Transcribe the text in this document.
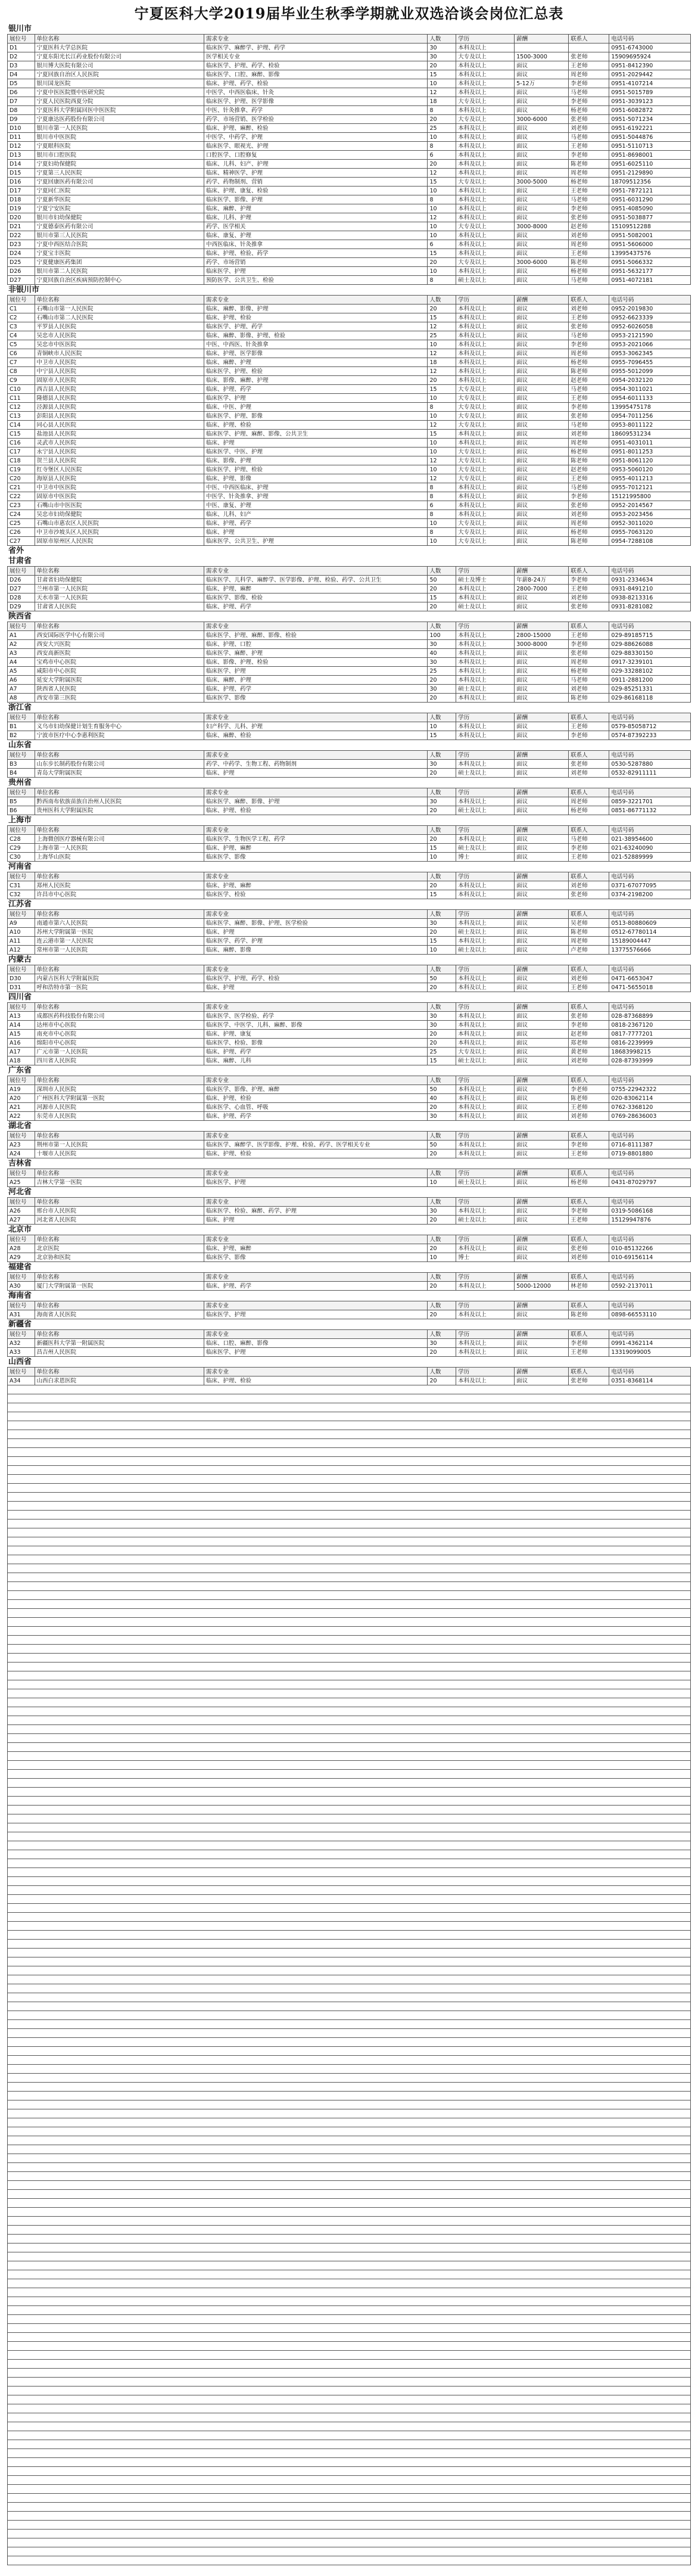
宁夏医科大学2019届毕业生秋季学期就业双选洽谈会岗位汇总表
银川市
展位号	单位名称	需求专业	人数	学历	薪酬	联系人	电话号码
D1	宁夏医科大学总医院	临床医学、麻醉学、护理、药学	30	本科及以上			0951-6743000
D2	宁夏东阳光长江药业股份有限公司	医学相关专业	30	大专及以上	1500-3000	张老师	15909695924
D3	银川博大医院有限公司	临床医学、护理、药学、检验	20	本科及以上	面议	王老师	0951-8412390
D4	宁夏回族自治区人民医院	临床医学、口腔、麻醉、影像	15	本科及以上	面议	周老师	0951-2029442
D5	银川国龙医院	临床、护理、药学、检验	10	本科及以上	5-12万	李老师	0951-4107214
D6	宁夏中医医院暨中医研究院	中医学、中西医临床、针灸	12	本科及以上	面议	马老师	0951-5015789
D7	宁夏人民医院西夏分院	临床医学、护理、医学影像	18	大专及以上	面议	李老师	0951-3039123
D8	宁夏医科大学附属回医中医医院	中医、针灸推拿、药学	8	本科及以上	面议	杨老师	0951-6082872
D9	宁夏康达医药股份有限公司	药学、市场营销、医学检验	20	大专及以上	3000-6000	张老师	0951-5071234
D10	银川市第一人民医院	临床、护理、麻醉、检验	25	本科及以上	面议	刘老师	0951-6192221
D11	银川市中医医院	中医学、中药学、护理	10	本科及以上	面议	马老师	0951-5044876
D12	宁夏眼科医院	临床医学、眼视光、护理	8	本科及以上	面议	王老师	0951-5110713
D13	银川市口腔医院	口腔医学、口腔修复	6	本科及以上	面议	李老师	0951-8698001
D14	宁夏妇幼保健院	临床、儿科、妇产、护理	20	本科及以上	面议	陈老师	0951-6025110
D15	宁夏第三人民医院	临床、精神医学、护理	12	本科及以上	面议	周老师	0951-2129890
D16	宁夏回康医药有限公司	药学、药物制剂、营销	15	大专及以上	3000-5000	杨老师	18709512356
D17	宁夏同仁医院	临床、护理、康复、检验	10	本科及以上	面议	王老师	0951-7872121
D18	宁夏新华医院	临床医学、影像、护理	8	本科及以上	面议	马老师	0951-6031290
D19	宁夏宁安医院	临床、麻醉、护理	10	本科及以上	面议	李老师	0951-4085090
D20	银川市妇幼保健院	临床、儿科、护理	12	本科及以上	面议	张老师	0951-5038877
D21	宁夏德泰医药有限公司	药学、医学相关	10	大专及以上	3000-8000	赵老师	15109512288
D22	银川市第三人民医院	临床、康复、护理	10	本科及以上	面议	刘老师	0951-5082001
D23	宁夏中西医结合医院	中西医临床、针灸推拿	6	本科及以上	面议	周老师	0951-5606000
D24	宁夏宝丰医院	临床、护理、检验、药学	15	本科及以上	面议	王老师	13995437576
D25	宁夏健康医药集团	药学、市场营销	20	大专及以上	3000-6000	陈老师	0951-5066332
D26	银川市第二人民医院	临床医学、护理	10	本科及以上	面议	杨老师	0951-5632177
D27	宁夏回族自治区疾病预防控制中心	预防医学、公共卫生、检验	8	硕士及以上	面议	马老师	0951-4072181
非银川市
展位号	单位名称	需求专业	人数	学历	薪酬	联系人	电话号码
C1	石嘴山市第一人民医院	临床、麻醉、影像、护理	20	本科及以上	面议	刘老师	0952-2019830
C2	石嘴山市第二人民医院	临床、护理、检验	15	本科及以上	面议	王老师	0952-6623339
C3	平罗县人民医院	临床医学、护理、药学	12	本科及以上	面议	张老师	0952-6026058
C4	吴忠市人民医院	临床、麻醉、影像、护理、检验	25	本科及以上	面议	马老师	0953-2121590
C5	吴忠市中医医院	中医、中西医、针灸推拿	10	本科及以上	面议	李老师	0953-2021066
C6	青铜峡市人民医院	临床、护理、医学影像	12	本科及以上	面议	周老师	0953-3062345
C7	中卫市人民医院	临床、麻醉、护理	18	本科及以上	面议	杨老师	0955-7096455
C8	中宁县人民医院	临床医学、护理、检验	12	本科及以上	面议	陈老师	0955-5012099
C9	固原市人民医院	临床、影像、麻醉、护理	20	本科及以上	面议	赵老师	0954-2032120
C10	西吉县人民医院	临床、护理、药学	15	大专及以上	面议	马老师	0954-3011021
C11	隆德县人民医院	临床医学、护理	10	大专及以上	面议	王老师	0954-6011133
C12	泾源县人民医院	临床、中医、护理	8	大专及以上	面议	李老师	13995475178
C13	彭阳县人民医院	临床医学、护理、影像	10	大专及以上	面议	张老师	0954-7011256
C14	同心县人民医院	临床、护理、检验	12	大专及以上	面议	马老师	0953-8011122
C15	盐池县人民医院	临床医学、护理、麻醉、影像、公共卫生	15	本科及以上	面议	刘老师	18609531234
C16	灵武市人民医院	临床、护理	10	本科及以上	面议	周老师	0951-4031011
C17	永宁县人民医院	临床医学、中医、护理	10	大专及以上	面议	杨老师	0951-8011253
C18	贺兰县人民医院	临床、影像、护理	12	大专及以上	面议	陈老师	0951-8061120
C19	红寺堡区人民医院	临床医学、护理、检验	10	大专及以上	面议	赵老师	0953-5060120
C20	海原县人民医院	临床、护理、影像	12	大专及以上	面议	王老师	0955-4011213
C21	中卫市中医医院	中医、中西医临床、护理	8	本科及以上	面议	马老师	0955-7012121
C22	固原市中医医院	中医学、针灸推拿、护理	8	本科及以上	面议	李老师	15121995800
C23	石嘴山市中医医院	中医、康复、护理	6	本科及以上	面议	张老师	0952-2014567
C24	吴忠市妇幼保健院	临床、儿科、妇产	8	本科及以上	面议	刘老师	0953-2023456
C25	石嘴山市惠农区人民医院	临床、护理、药学	10	大专及以上	面议	周老师	0952-3011020
C26	中卫市沙坡头区人民医院	临床、护理	8	大专及以上	面议	杨老师	0955-7063120
C27	固原市原州区人民医院	临床医学、公共卫生、护理	10	大专及以上	面议	陈老师	0954-7288108
省外
甘肃省
展位号	单位名称	需求专业	人数	学历	薪酬	联系人	电话号码
D26	甘肃省妇幼保健院	临床医学、儿科学、麻醉学、医学影像、护理、检验、药学、公共卫生	50	硕士及博士	年薪8-24万	李老师	0931-2334634
D27	兰州市第一人民医院	临床、护理、麻醉	20	本科及以上	2800-7000	王老师	0931-8491210
D28	天水市第一人民医院	临床医学、影像、检验	15	本科及以上	面议	刘老师	0938-8213316
D29	甘肃省人民医院	临床、护理、药学	20	硕士及以上	面议	张老师	0931-8281082
陕西省
展位号	单位名称	需求专业	人数	学历	薪酬	联系人	电话号码
A1	西安国际医学中心有限公司	临床医学、护理、麻醉、影像、检验	100	本科及以上	2800-15000	王老师	029-89185715
A2	西安大兴医院	临床、护理、口腔	30	本科及以上	3000-8000	李老师	029-88626088
A3	西安高新医院	临床医学、麻醉、护理	40	本科及以上	面议	张老师	029-88330150
A4	宝鸡市中心医院	临床、影像、护理、检验	30	本科及以上	面议	周老师	0917-3239101
A5	咸阳市中心医院	临床医学、护理	25	本科及以上	面议	杨老师	029-33288102
A6	延安大学附属医院	临床、麻醉、护理	20	本科及以上	面议	马老师	0911-2881200
A7	陕西省人民医院	临床、护理、药学	30	硕士及以上	面议	刘老师	029-85251331
A8	西安市第三医院	临床医学、影像	20	本科及以上	面议	陈老师	029-86168118
浙江省
展位号	单位名称	需求专业	人数	学历	薪酬	联系人	电话号码
B1	义乌市妇幼保健计划生育服务中心	妇产科学、儿科、护理	10	本科及以上	面议	王老师	0579-85058712
B2	宁波市医疗中心李惠利医院	临床、麻醉、检验	15	本科及以上	面议	李老师	0574-87392233
山东省
展位号	单位名称	需求专业	人数	学历	薪酬	联系人	电话号码
B3	山东步长制药股份有限公司	药学、中药学、生物工程、药物制剂	30	本科及以上	面议	张老师	0530-5287880
B4	青岛大学附属医院	临床、护理	20	硕士及以上	面议	刘老师	0532-82911111
贵州省
展位号	单位名称	需求专业	人数	学历	薪酬	联系人	电话号码
B5	黔西南布依族苗族自治州人民医院	临床医学、麻醉、影像、护理	30	本科及以上	面议	周老师	0859-3221701
B6	贵州医科大学附属医院	临床、护理、检验	20	硕士及以上	面议	杨老师	0851-86771132
上海市
展位号	单位名称	需求专业	人数	学历	薪酬	联系人	电话号码
C28	上海微创医疗器械有限公司	临床医学、生物医学工程、药学	20	本科及以上	面议	马老师	021-38954600
C29	上海市第一人民医院	临床、护理、麻醉	15	硕士及以上	面议	李老师	021-63240090
C30	上海华山医院	临床医学、影像	10	博士	面议	王老师	021-52889999
河南省
展位号	单位名称	需求专业	人数	学历	薪酬	联系人	电话号码
C31	郑州人民医院	临床、护理、麻醉	20	本科及以上	面议	刘老师	0371-67077095
C32	许昌市中心医院	临床医学、检验	15	本科及以上	面议	张老师	0374-2198200
江苏省
展位号	单位名称	需求专业	人数	学历	薪酬	联系人	电话号码
A9	南通市第六人民医院	临床医学、麻醉、影像、护理、医学检验	30	本科及以上	面议	吴老师	0513-80880609
A10	苏州大学附属第一医院	临床、护理	20	硕士及以上	面议	陈老师	0512-67780114
A11	连云港市第一人民医院	临床医学、药学、护理	15	本科及以上	面议	周老师	15189004447
A12	常州市第一人民医院	临床、麻醉、影像	10	硕士及以上	面议	卢老师	13775576666
内蒙古
展位号	单位名称	需求专业	人数	学历	薪酬	联系人	电话号码
D30	内蒙古医科大学附属医院	临床医学、护理、药学、检验	50	本科及以上	面议	刘老师	0471-6653047
D31	呼和浩特市第一医院	临床、护理	20	本科及以上	面议	王老师	0471-5655018
四川省
展位号	单位名称	需求专业	人数	学历	薪酬	联系人	电话号码
A13	成都医药科技股份有限公司	临床医学、医学检验、药学	30	本科及以上	面议	张老师	028-87368899
A14	达州市中心医院	临床医学、中医学、儿科、麻醉、影像	30	本科及以上	面议	李老师	0818-2367120
A15	南充市中心医院	临床、护理、康复	20	本科及以上	面议	赵老师	0817-7777201
A16	绵阳市中心医院	临床医学、检验、影像	20	本科及以上	面议	郑老师	0816-2239999
A17	广元市第一人民医院	临床、护理、药学	25	大专及以上	面议	黄老师	18683998215
A18	四川省人民医院	临床、麻醉、儿科	15	硕士及以上	面议	刘老师	028-87393999
广东省
展位号	单位名称	需求专业	人数	学历	薪酬	联系人	电话号码
A19	深圳市人民医院	临床医学、影像、护理、麻醉	50	本科及以上	面议	李老师	0755-22942322
A20	广州医科大学附属第一医院	临床、护理、检验	40	本科及以上	面议	陈老师	020-83062114
A21	河源市人民医院	临床医学、心血管、呼吸	20	本科及以上	面议	王老师	0762-3368120
A22	东莞市人民医院	临床、护理、药学	30	本科及以上	面议	刘老师	0769-28636003
湖北省
展位号	单位名称	需求专业	人数	学历	薪酬	联系人	电话号码
A23	荆州市第一人民医院	临床医学、麻醉学、医学影像、护理、检验、药学、医学相关专业	50	本科及以上	面议	李老师	0716-8111387
A24	十堰市人民医院	临床、护理、检验	20	本科及以上	面议	王老师	0719-8801880
吉林省
展位号	单位名称	需求专业	人数	学历	薪酬	联系人	电话号码
A25	吉林大学第一医院	临床医学、护理	10	硕士及以上	面议	杨老师	0431-87029797
河北省
展位号	单位名称	需求专业	人数	学历	薪酬	联系人	电话号码
A26	邢台市人民医院	临床医学、检验、麻醉、药学、护理	30	本科及以上	面议	李老师	0319-5086168
A27	河北省人民医院	临床、护理	20	硕士及以上	面议	王老师	15129947876
北京市
展位号	单位名称	需求专业	人数	学历	薪酬	联系人	电话号码
A28	北京医院	临床、护理、麻醉	20	本科及以上	面议	张老师	010-85132266
A29	北京协和医院	临床医学、影像	10	博士	面议	刘老师	010-69156114
福建省
展位号	单位名称	需求专业	人数	学历	薪酬	联系人	电话号码
A30	厦门大学附属第一医院	临床、护理、药学	20	本科及以上	5000-12000	林老师	0592-2137011
海南省
展位号	单位名称	需求专业	人数	学历	薪酬	联系人	电话号码
A31	海南省人民医院	临床医学、护理	20	本科及以上	面议	陈老师	0898-66553110
新疆省
展位号	单位名称	需求专业	人数	学历	薪酬	联系人	电话号码
A32	新疆医科大学第一附属医院	临床、口腔、麻醉、影像	30	本科及以上	面议	李老师	0991-4362114
A33	昌吉州人民医院	临床医学、护理	20	本科及以上	面议	王老师	13319099005
山西省
展位号	单位名称	需求专业	人数	学历	薪酬	联系人	电话号码
A34	山西白求恩医院	临床、护理、检验	20	本科及以上	面议	张老师	0351-8368114
